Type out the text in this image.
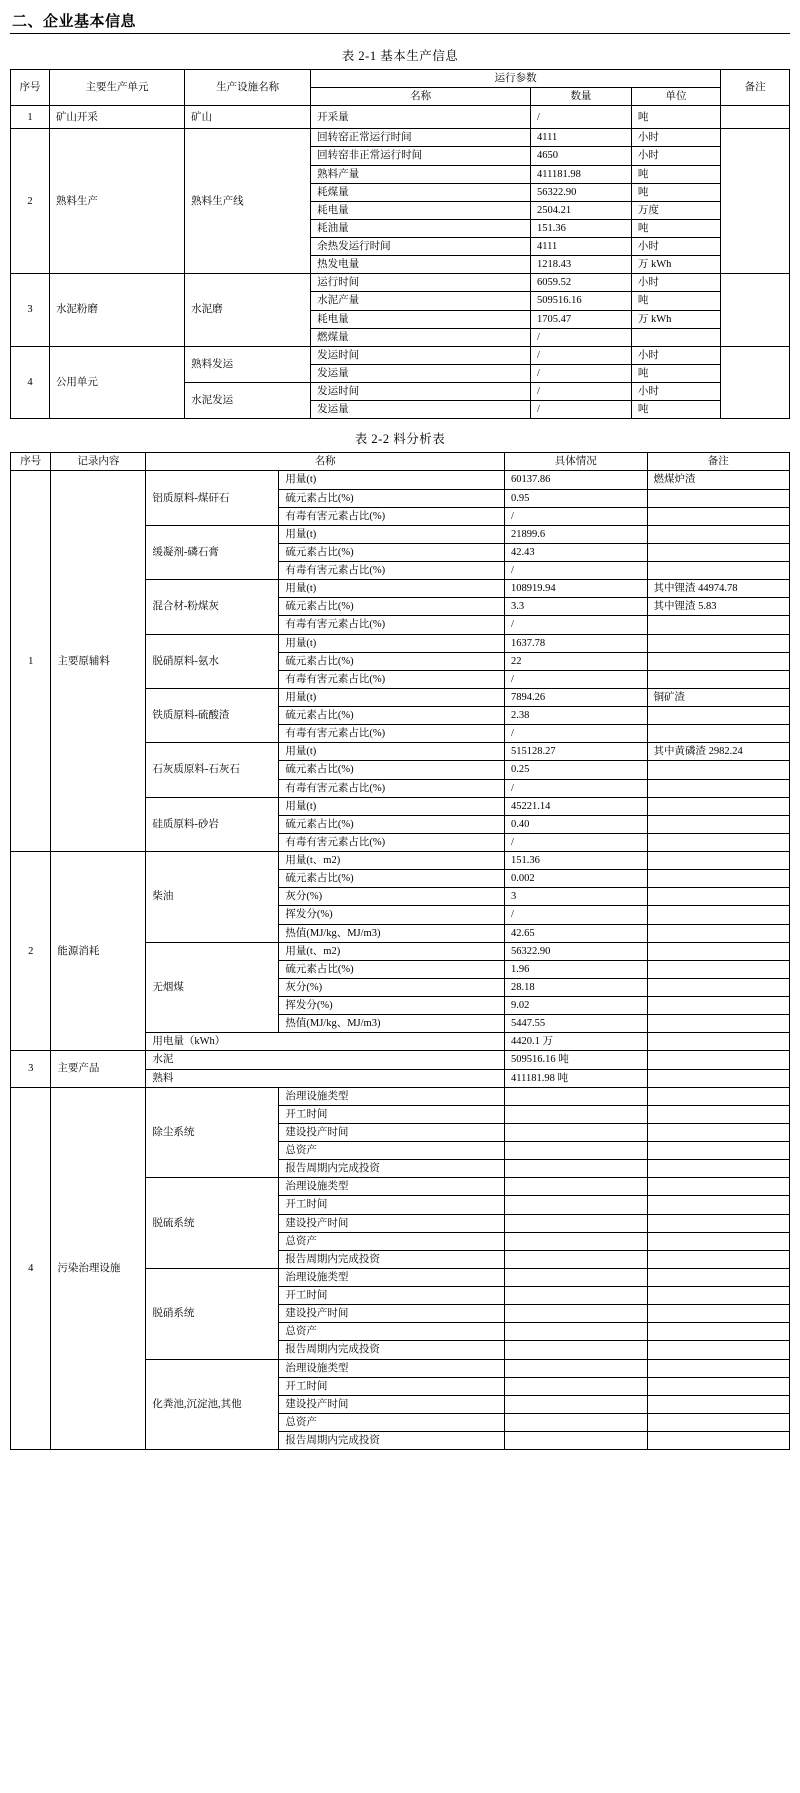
二、企业基本信息
表 2-1 基本生产信息
序号	主要生产单元	生产设施名称	运行参数			备注
			名称	数量	单位	
1	矿山开采	矿山	开采量	/	吨	
2	熟料生产	熟料生产线	回转窑正常运行时间	4111	小时	
			回转窑非正常运行时间	4650	小时	
			熟料产量	411181.98	吨	
			耗煤量	56322.90	吨	
			耗电量	2504.21	万度	
			耗油量	151.36	吨	
			余热发运行时间	4111	小时	
			热发电量	1218.43	万 kWh	
3	水泥粉磨	水泥磨	运行时间	6059.52	小时	
			水泥产量	509516.16	吨	
			耗电量	1705.47	万 kWh	
			燃煤量	/		
4	公用单元	熟料发运	发运时间	/	小时	
			发运量	/	吨	
		水泥发运	发运时间	/	小时	
			发运量	/	吨	
表 2-2 料分析表
序号	记录内容	名称		具体情况	备注
1	主要原辅料	铝质原料-煤矸石	用量(t)	60137.86	燃煤炉渣
			硫元素占比(%)	0.95	
			有毒有害元素占比(%)	/	
		缓凝剂-磷石膏	用量(t)	21899.6	
			硫元素占比(%)	42.43	
			有毒有害元素占比(%)	/	
		混合材-粉煤灰	用量(t)	108919.94	其中锂渣 44974.78
			硫元素占比(%)	3.3	其中锂渣 5.83
			有毒有害元素占比(%)	/	
		脱硝原料-氨水	用量(t)	1637.78	
			硫元素占比(%)	22	
			有毒有害元素占比(%)	/	
		铁质原料-硫酸渣	用量(t)	7894.26	铜矿渣
			硫元素占比(%)	2.38	
			有毒有害元素占比(%)	/	
		石灰质原料-石灰石	用量(t)	515128.27	其中黄磷渣 2982.24
			硫元素占比(%)	0.25	
			有毒有害元素占比(%)	/	
		硅质原料-砂岩	用量(t)	45221.14	
			硫元素占比(%)	0.40	
			有毒有害元素占比(%)	/	
2	能源消耗	柴油	用量(t、m2)	151.36	
			硫元素占比(%)	0.002	
			灰分(%)	3	
			挥发分(%)	/	
			热值(MJ/kg、MJ/m3)	42.65	
		无烟煤	用量(t、m2)	56322.90	
			硫元素占比(%)	1.96	
			灰分(%)	28.18	
			挥发分(%)	9.02	
			热值(MJ/kg、MJ/m3)	5447.55	
		用电量（kWh）		4420.1 万	
3	主要产品	水泥		509516.16 吨	
		熟料		411181.98 吨	
4	污染治理设施	除尘系统	治理设施类型		
			开工时间		
			建设投产时间		
			总资产		
			报告周期内完成投资		
		脱硫系统	治理设施类型		
			开工时间		
			建设投产时间		
			总资产		
			报告周期内完成投资		
		脱硝系统	治理设施类型		
			开工时间		
			建设投产时间		
			总资产		
			报告周期内完成投资		
		化粪池,沉淀池,其他	治理设施类型		
			开工时间		
			建设投产时间		
			总资产		
			报告周期内完成投资		
